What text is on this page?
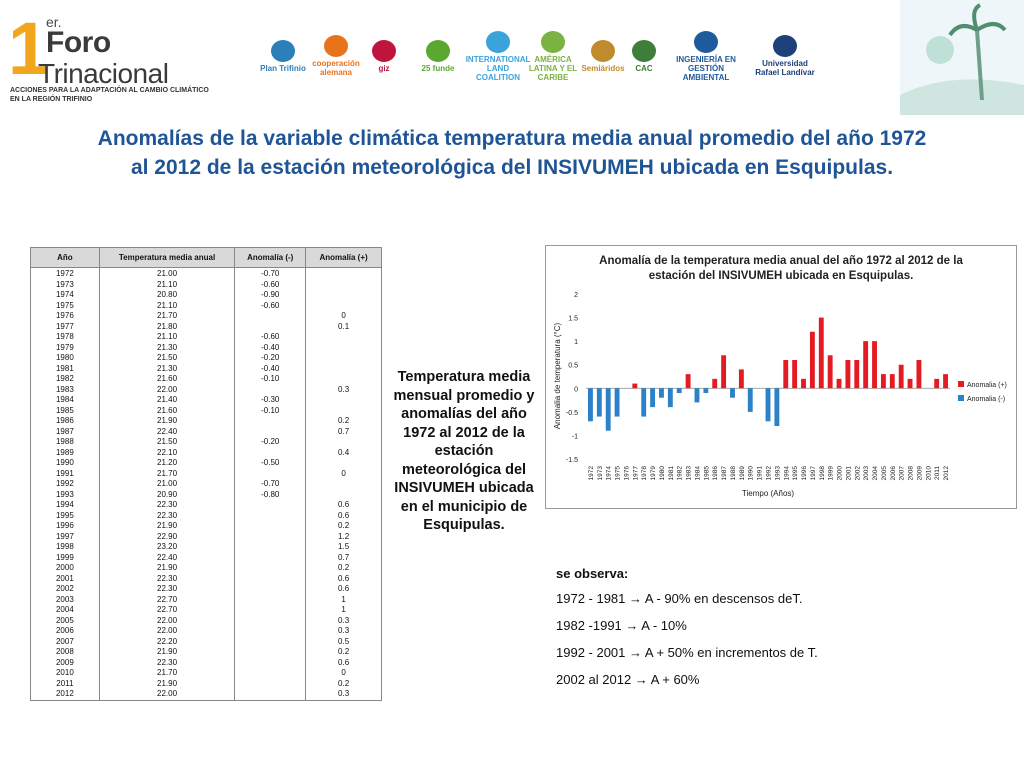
1
er.
Foro
Trinacional
ACCIONES PARA LA ADAPTACIÓN AL CAMBIO CLIMÁTICO
EN LA REGIÓN TRIFINIO
Plan Trifinio cooperación alemana	giz	25 funde
INTERNATIONAL LAND COALITION
AMÉRICA LATINA Y EL CARIBE
Semiáridos CAC
INGENIERÍA EN GESTIÓN AMBIENTAL
Universidad Rafael Landívar
Anomalías de la variable climática temperatura media anual promedio del año 1972
al 2012 de la estación meteorológica del INSIVUMEH ubicada en Esquipulas.
Año	Temperatura media anual	Anomalía (-)	Anomalía (+)
1972	21.00	-0.70	
1973	21.10	-0.60	
1974	20.80	-0.90	
1975	21.10	-0.60	
1976	21.70		0
1977	21.80		0.1
1978	21.10	-0.60	
1979	21.30	-0.40	
1980	21.50	-0.20	
1981	21.30	-0.40	
1982	21.60	-0.10	
1983	22.00		0.3
1984	21.40	-0.30	
1985	21.60	-0.10	
1986	21.90		0.2
1987	22.40		0.7
1988	21.50	-0.20	
1989	22.10		0.4
1990	21.20	-0.50	
1991	21.70		0
1992	21.00	-0.70	
1993	20.90	-0.80	
1994	22.30		0.6
1995	22.30		0.6
1996	21.90		0.2
1997	22.90		1.2
1998	23.20		1.5
1999	22.40		0.7
2000	21.90		0.2
2001	22.30		0.6
2002	22.30		0.6
2003	22.70		1
2004	22.70		1
2005	22.00		0.3
2006	22.00		0.3
2007	22.20		0.5
2008	21.90		0.2
2009	22.30		0.6
2010	21.70		0
2011	21.90		0.2
2012	22.00		0.3
Temperatura media mensual promedio y anomalías del año 1972 al 2012 de la estación meteorológica del INSIVUMEH ubicada en el municipio de Esquipulas.
Anomalía de la temperatura media anual del año 1972 al 2012 de la
estación del INSIVUMEH ubicada en Esquipulas.
-1.5
-1
-0.5
0
0.5
1
1.5
2
1972 1973 1974 1975 1976 1977 1978 1979 1980 1981 1982 1983 1984 1985 1986 1987 1988 1989 1990 1991 1992 1993 1994 1995 1996 1997 1998 1999 2000 2001 2002 2003 2004 2005 2006 2007 2008 2009 2010 2011 2012
Tiempo (Años)
Anomalia de temperatura (°C)	Anomalia (+)
Anomalia (-)
se observa:
1972 - 1981 → A - 90% en descensos deT.
1982 -1991 → A - 10%
1992 - 2001 → A + 50% en incrementos de T.
2002 al 2012 → A + 60%
